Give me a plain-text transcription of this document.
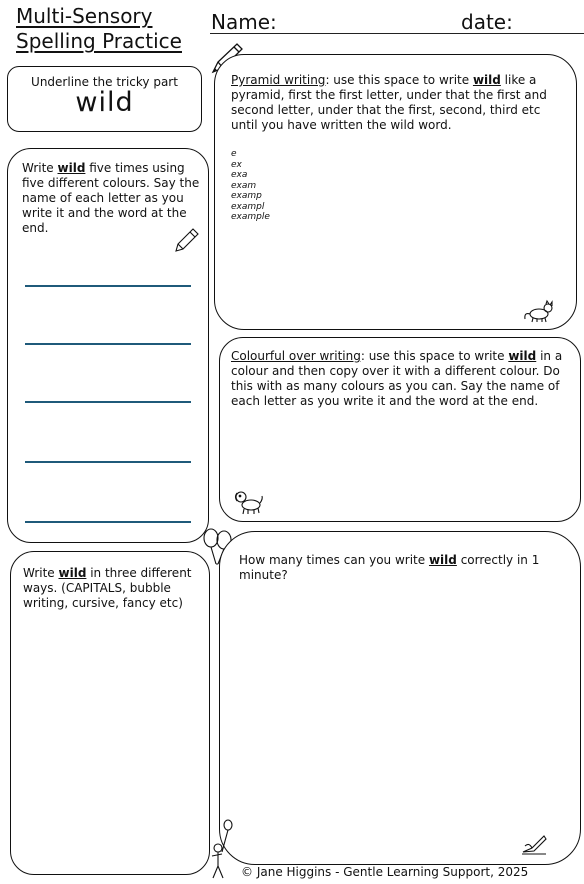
Multi-Sensory
Spelling Practice
Name:	date:
Underline the tricky part
wild
Write wild five times using five different colours. Say the name of each letter as you write it and the word at the end.
Pyramid writing: use this space to write wild like a pyramid, first the first letter, under that the first and second letter, under that the first, second, third etc until you have written the wild word.
e
ex
exa
exam
examp
exampl
example
Colourful over writing: use this space to write wild in a colour and then copy over it with a different colour. Do this with as many colours as you can. Say the name of each letter as you write it and the word at the end.
Write wild in three different ways. (CAPITALS, bubble writing, cursive, fancy etc)
How many times can you write wild correctly in 1 minute?
© Jane Higgins - Gentle Learning Support, 2025
